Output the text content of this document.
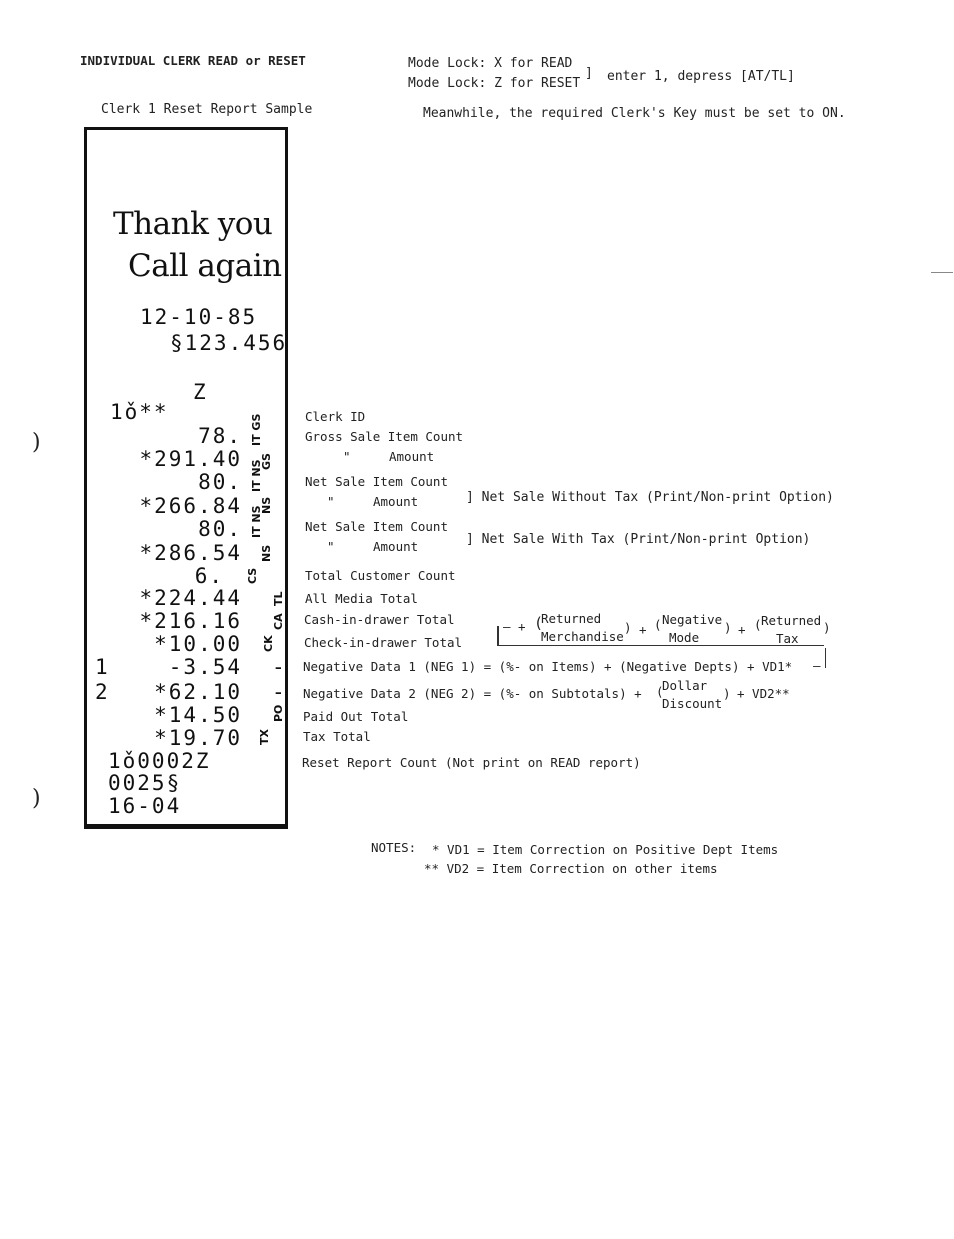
INDIVIDUAL CLERK READ or RESET
Clerk 1 Reset Report Sample
Mode Lock: X for READ
Mode Lock: Z for RESET
] enter 1, depress [AT/TL]
Meanwhile, the required Clerk's Key must be set to ON.
)
)
Thank you
Call again
12-10-85
§123.456
Z
1ǒ**
78. IT GS
*291.40 GS
80. IT NS
*266.84 NS
80. IT NS
*286.54 NS
6. CS
*224.44	TL
*216.16	CA
*10.00 CK
1	-3.54 -
2 *62.10 -
*14.50	PO
*19.70 TX
1ǒ0002Z
0025§
16-04
Clerk ID
Gross Sale Item Count
"	Amount
Net Sale Item Count
"	Amount	] Net Sale Without Tax (Print/Non-print Option)
Net Sale Item Count
"	Amount	] Net Sale With Tax (Print/Non-print Option)
Total Customer Count
All Media Total
Cash-in-drawer Total
Check-in-drawer Total
— + (
Returned
Merchandise
) + ( Negative
Mode
) + ( Returned
Tax
)
Negative Data 1 (NEG 1) = (%- on Items) + (Negative Depts) + VD1* —
Negative Data 2 (NEG 2) = (%- on Subtotals) + (
Dollar
Discount
) + VD2**
Paid Out Total
Tax Total
Reset Report Count (Not print on READ report)
NOTES: * VD1 = Item Correction on Positive Dept Items
** VD2 = Item Correction on other items
